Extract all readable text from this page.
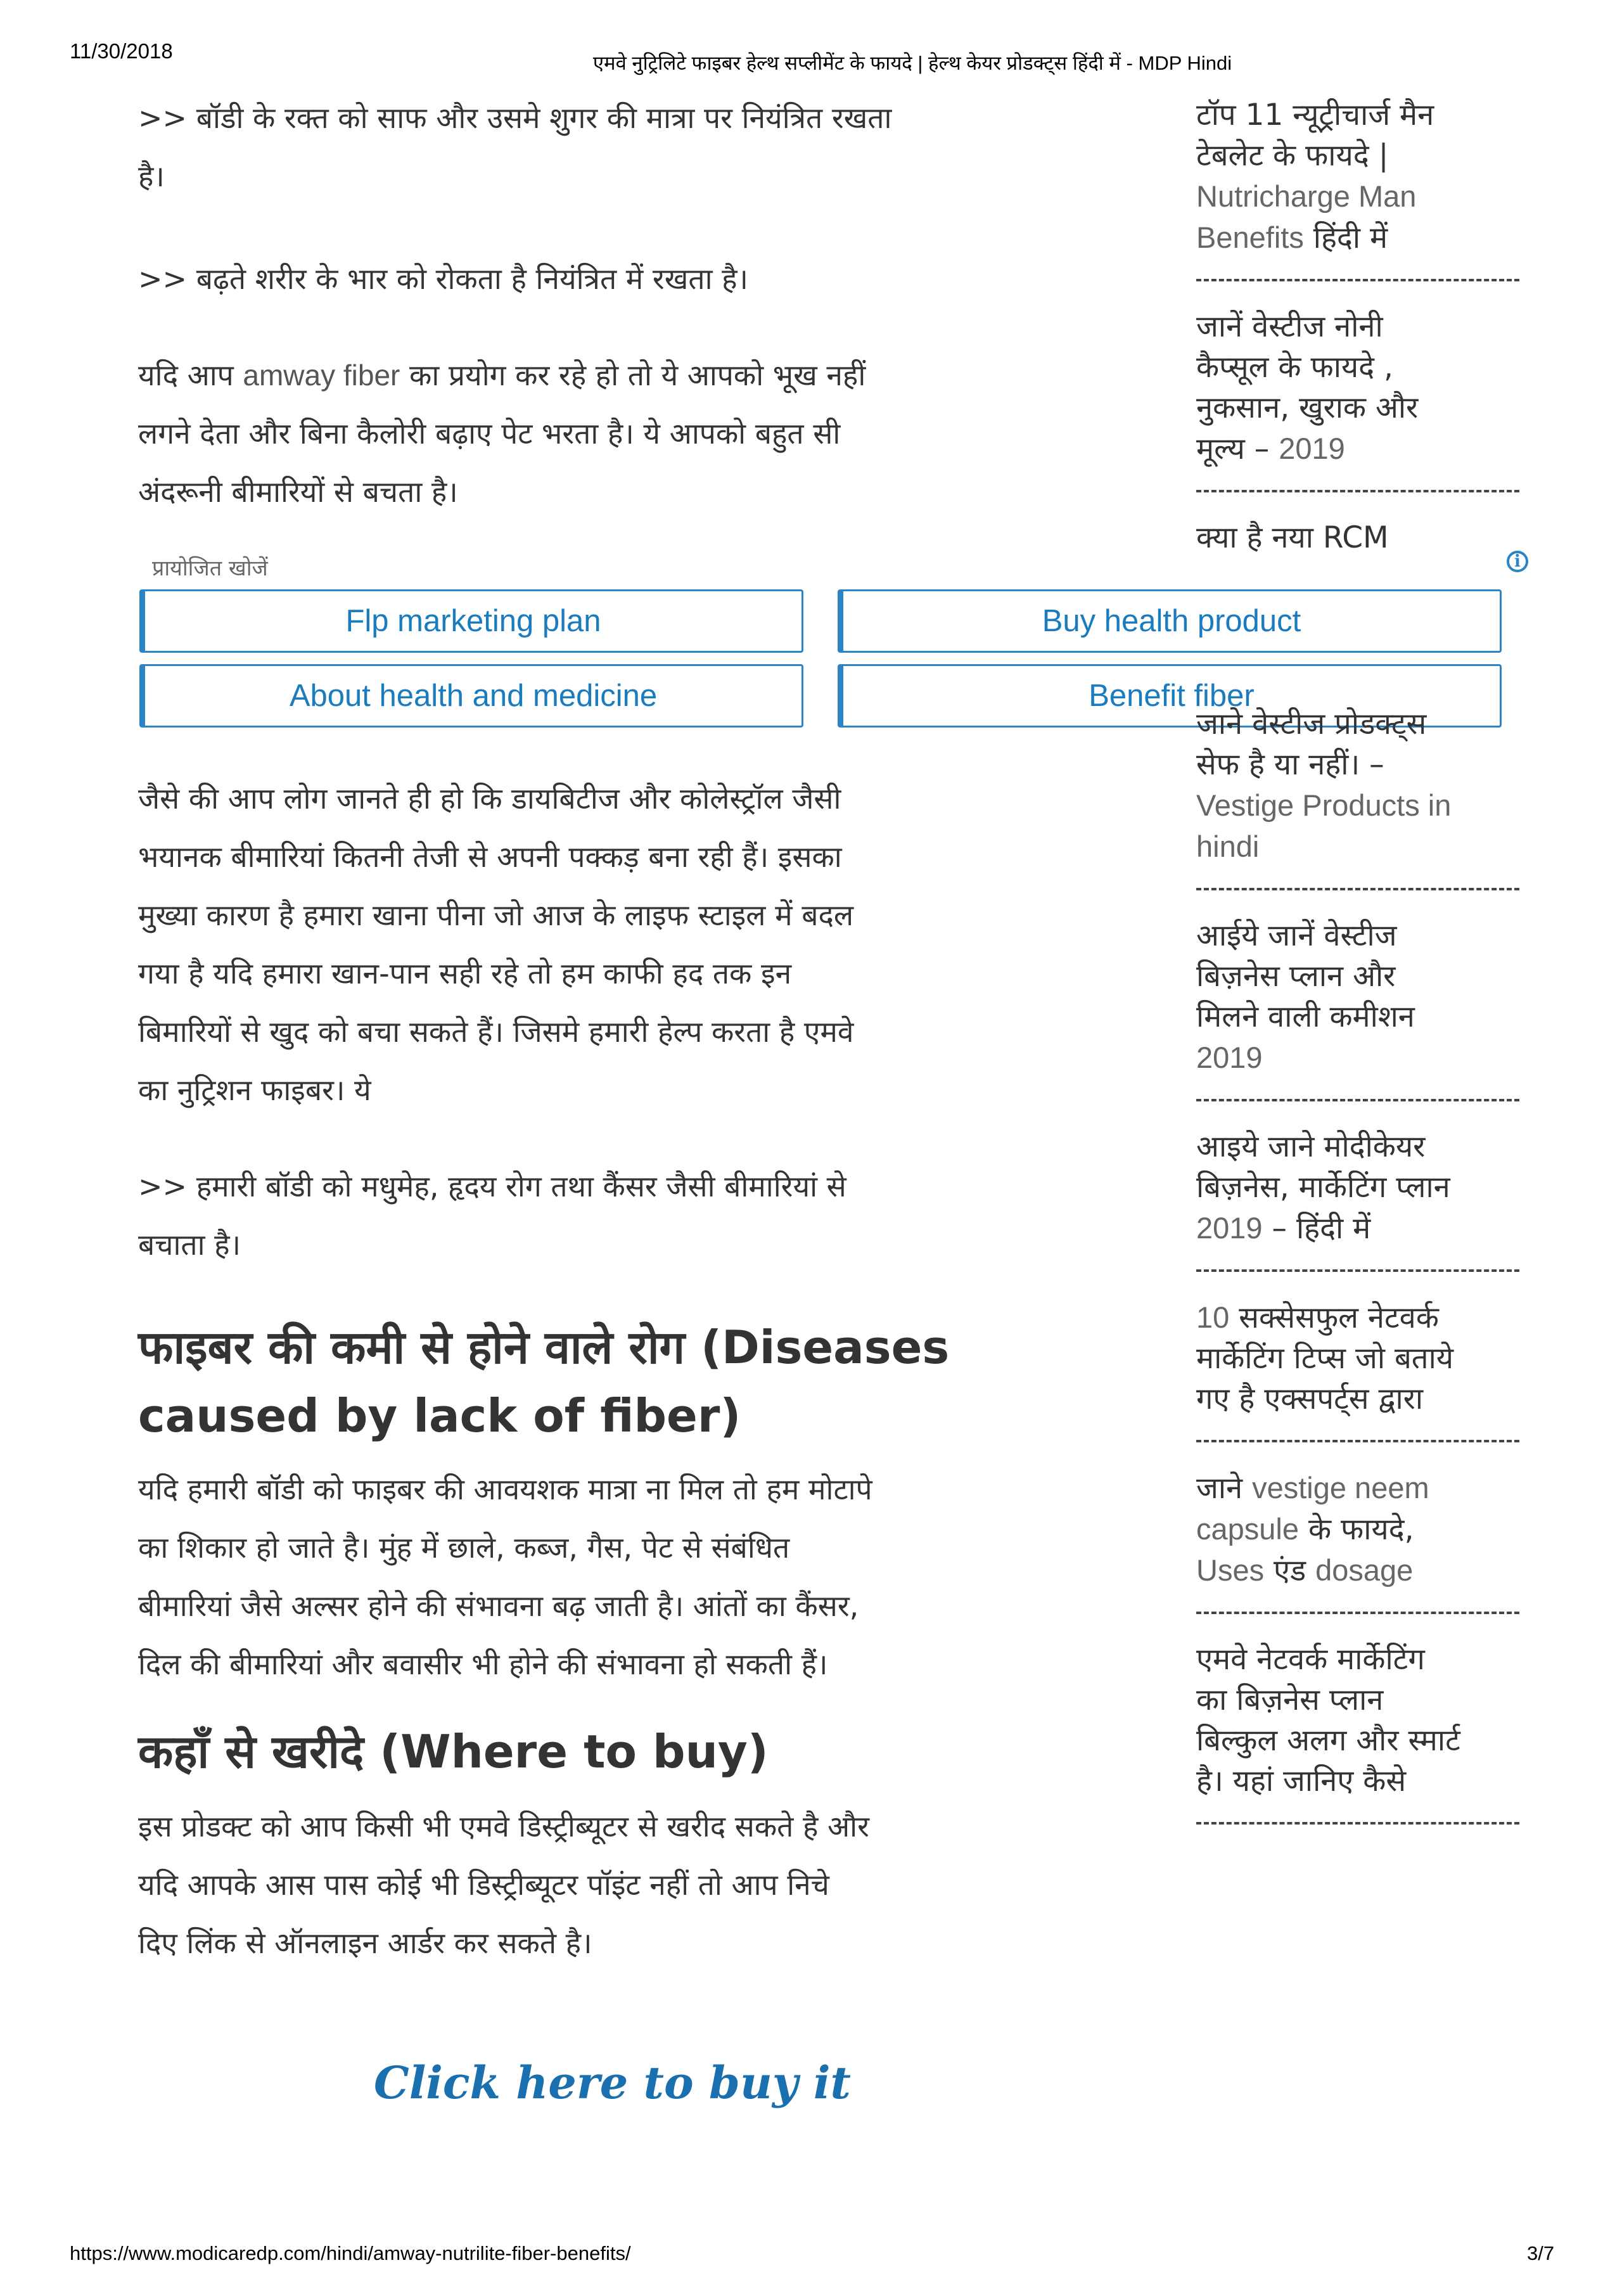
11/30/2018
एमवे नुट्रिलिटे फाइबर हेल्थ सप्लीमेंट के फायदे | हेल्थ केयर प्रोडक्ट्स हिंदी में - MDP Hindi

>> बॉडी के रक्त को साफ और उसमे शुगर की मात्रा पर नियंत्रित रखता
है।

>> बढ़ते शरीर के भार को रोकता है नियंत्रित में रखता है।

यदि आप amway fiber का प्रयोग कर रहे हो तो ये आपको भूख नहीं
लगने देता और बिना कैलोरी बढ़ाए पेट भरता है। ये आपको बहुत सी
अंदरूनी बीमारियों से बचता है।

प्रायोजित खोजें	i
Flp marketing plan	Buy health product
About health and medicine	Benefit fiber

जैसे की आप लोग जानते ही हो कि डायबिटीज और कोलेस्ट्रॉल जैसी
भयानक बीमारियां कितनी तेजी से अपनी पक्कड़ बना रही हैं। इसका
मुख्या कारण है हमारा खाना पीना जो आज के लाइफ स्टाइल में बदल
गया है यदि हमारा खान-पान सही रहे तो हम काफी हद तक इन
बिमारियों से खुद को बचा सकते हैं। जिसमे हमारी हेल्प करता है एमवे
का नुट्रिशन फाइबर। ये

>> हमारी बॉडी को मधुमेह, हृदय रोग तथा कैंसर जैसी बीमारियां से
बचाता है।

फाइबर की कमी से होने वाले रोग (Diseases
caused by lack of fiber)

यदि हमारी बॉडी को फाइबर की आवयशक मात्रा ना मिल तो हम मोटापे
का शिकार हो जाते है। मुंह में छाले, कब्ज, गैस, पेट से संबंधित
बीमारियां जैसे अल्सर होने की संभावना बढ़ जाती है। आंतों का कैंसर,
दिल की बीमारियां और बवासीर भी होने की संभावना हो सकती हैं।

कहाँ से खरीदे (Where to buy)

इस प्रोडक्ट को आप किसी भी एमवे डिस्ट्रीब्यूटर से खरीद सकते है और
यदि आपके आस पास कोई भी डिस्ट्रीब्यूटर पॉइंट नहीं तो आप निचे
दिए लिंक से ऑनलाइन आर्डर कर सकते है।

Click here to buy it
टॉप 11 न्यूट्रीचार्ज मैन
टेबलेट के फायदे |
Nutricharge Man
Benefits हिंदी में
जानें वेस्टीज नोनी
कैप्सूल के फायदे ,
नुकसान, खुराक और
मूल्य – 2019
क्या है नया RCM
जाने वेस्टीज प्रोडक्ट्स
सेफ है या नहीं। –
Vestige Products in
hindi
आईये जानें वेस्टीज
बिज़नेस प्लान और
मिलने वाली कमीशन
2019
आइये जाने मोदीकेयर
बिज़नेस, मार्केटिंग प्लान
2019 – हिंदी में
10 सक्सेसफुल नेटवर्क
मार्केटिंग टिप्स जो बताये
गए है एक्सपर्ट्स द्वारा
जाने vestige neem
capsule के फायदे,
Uses एंड dosage
एमवे नेटवर्क मार्केटिंग
का बिज़नेस प्लान
बिल्कुल अलग और स्मार्ट
है। यहां जानिए कैसे
https://www.modicaredp.com/hindi/amway-nutrilite-fiber-benefits/	3/7
